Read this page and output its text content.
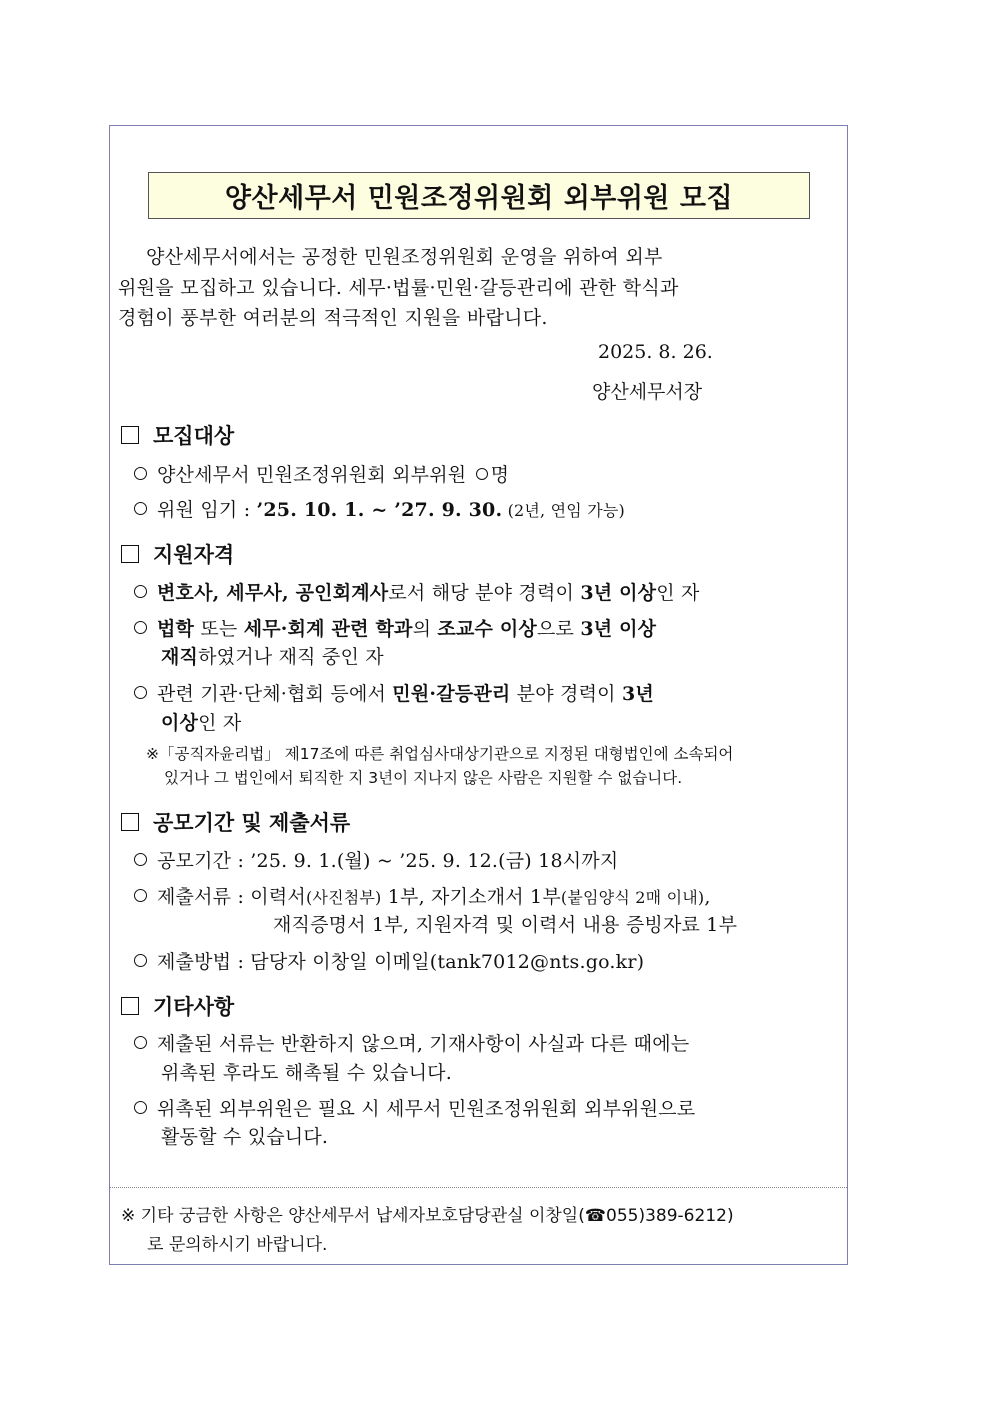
양산세무서 민원조정위원회 외부위원 모집
양산세무서에서는 공정한 민원조정위원회 운영을 위하여 외부
위원을 모집하고 있습니다. 세무·법률·민원·갈등관리에 관한 학식과
경험이 풍부한 여러분의 적극적인 지원을 바랍니다.
2025. 8. 26.
양산세무서장
모집대상
양산세무서 민원조정위원회 외부위원 명
위원 임기 : ’25. 10. 1. ~ ’27. 9. 30. (2년, 연임 가능)
지원자격
변호사, 세무사, 공인회계사로서 해당 분야 경력이 3년 이상인 자
법학 또는 세무·회계 관련 학과의 조교수 이상으로 3년 이상
재직하였거나 재직 중인 자
관련 기관·단체·협회 등에서 민원·갈등관리 분야 경력이 3년
이상인 자
※「공직자윤리법」 제17조에 따른 취업심사대상기관으로 지정된 대형법인에 소속되어
있거나 그 법인에서 퇴직한 지 3년이 지나지 않은 사람은 지원할 수 없습니다.
공모기간 및 제출서류
공모기간 : ’25. 9. 1.(월) ~ ’25. 9. 12.(금) 18시까지
제출서류 : 이력서(사진첨부) 1부, 자기소개서 1부(붙임양식 2매 이내),
재직증명서 1부, 지원자격 및 이력서 내용 증빙자료 1부
제출방법 : 담당자 이창일 이메일(tank7012@nts.go.kr)
기타사항
제출된 서류는 반환하지 않으며, 기재사항이 사실과 다른 때에는
위촉된 후라도 해촉될 수 있습니다.
위촉된 외부위원은 필요 시 세무서 민원조정위원회 외부위원으로
활동할 수 있습니다.
※ 기타 궁금한 사항은 양산세무서 납세자보호담당관실 이창일(☎055)389-6212)
로 문의하시기 바랍니다.
